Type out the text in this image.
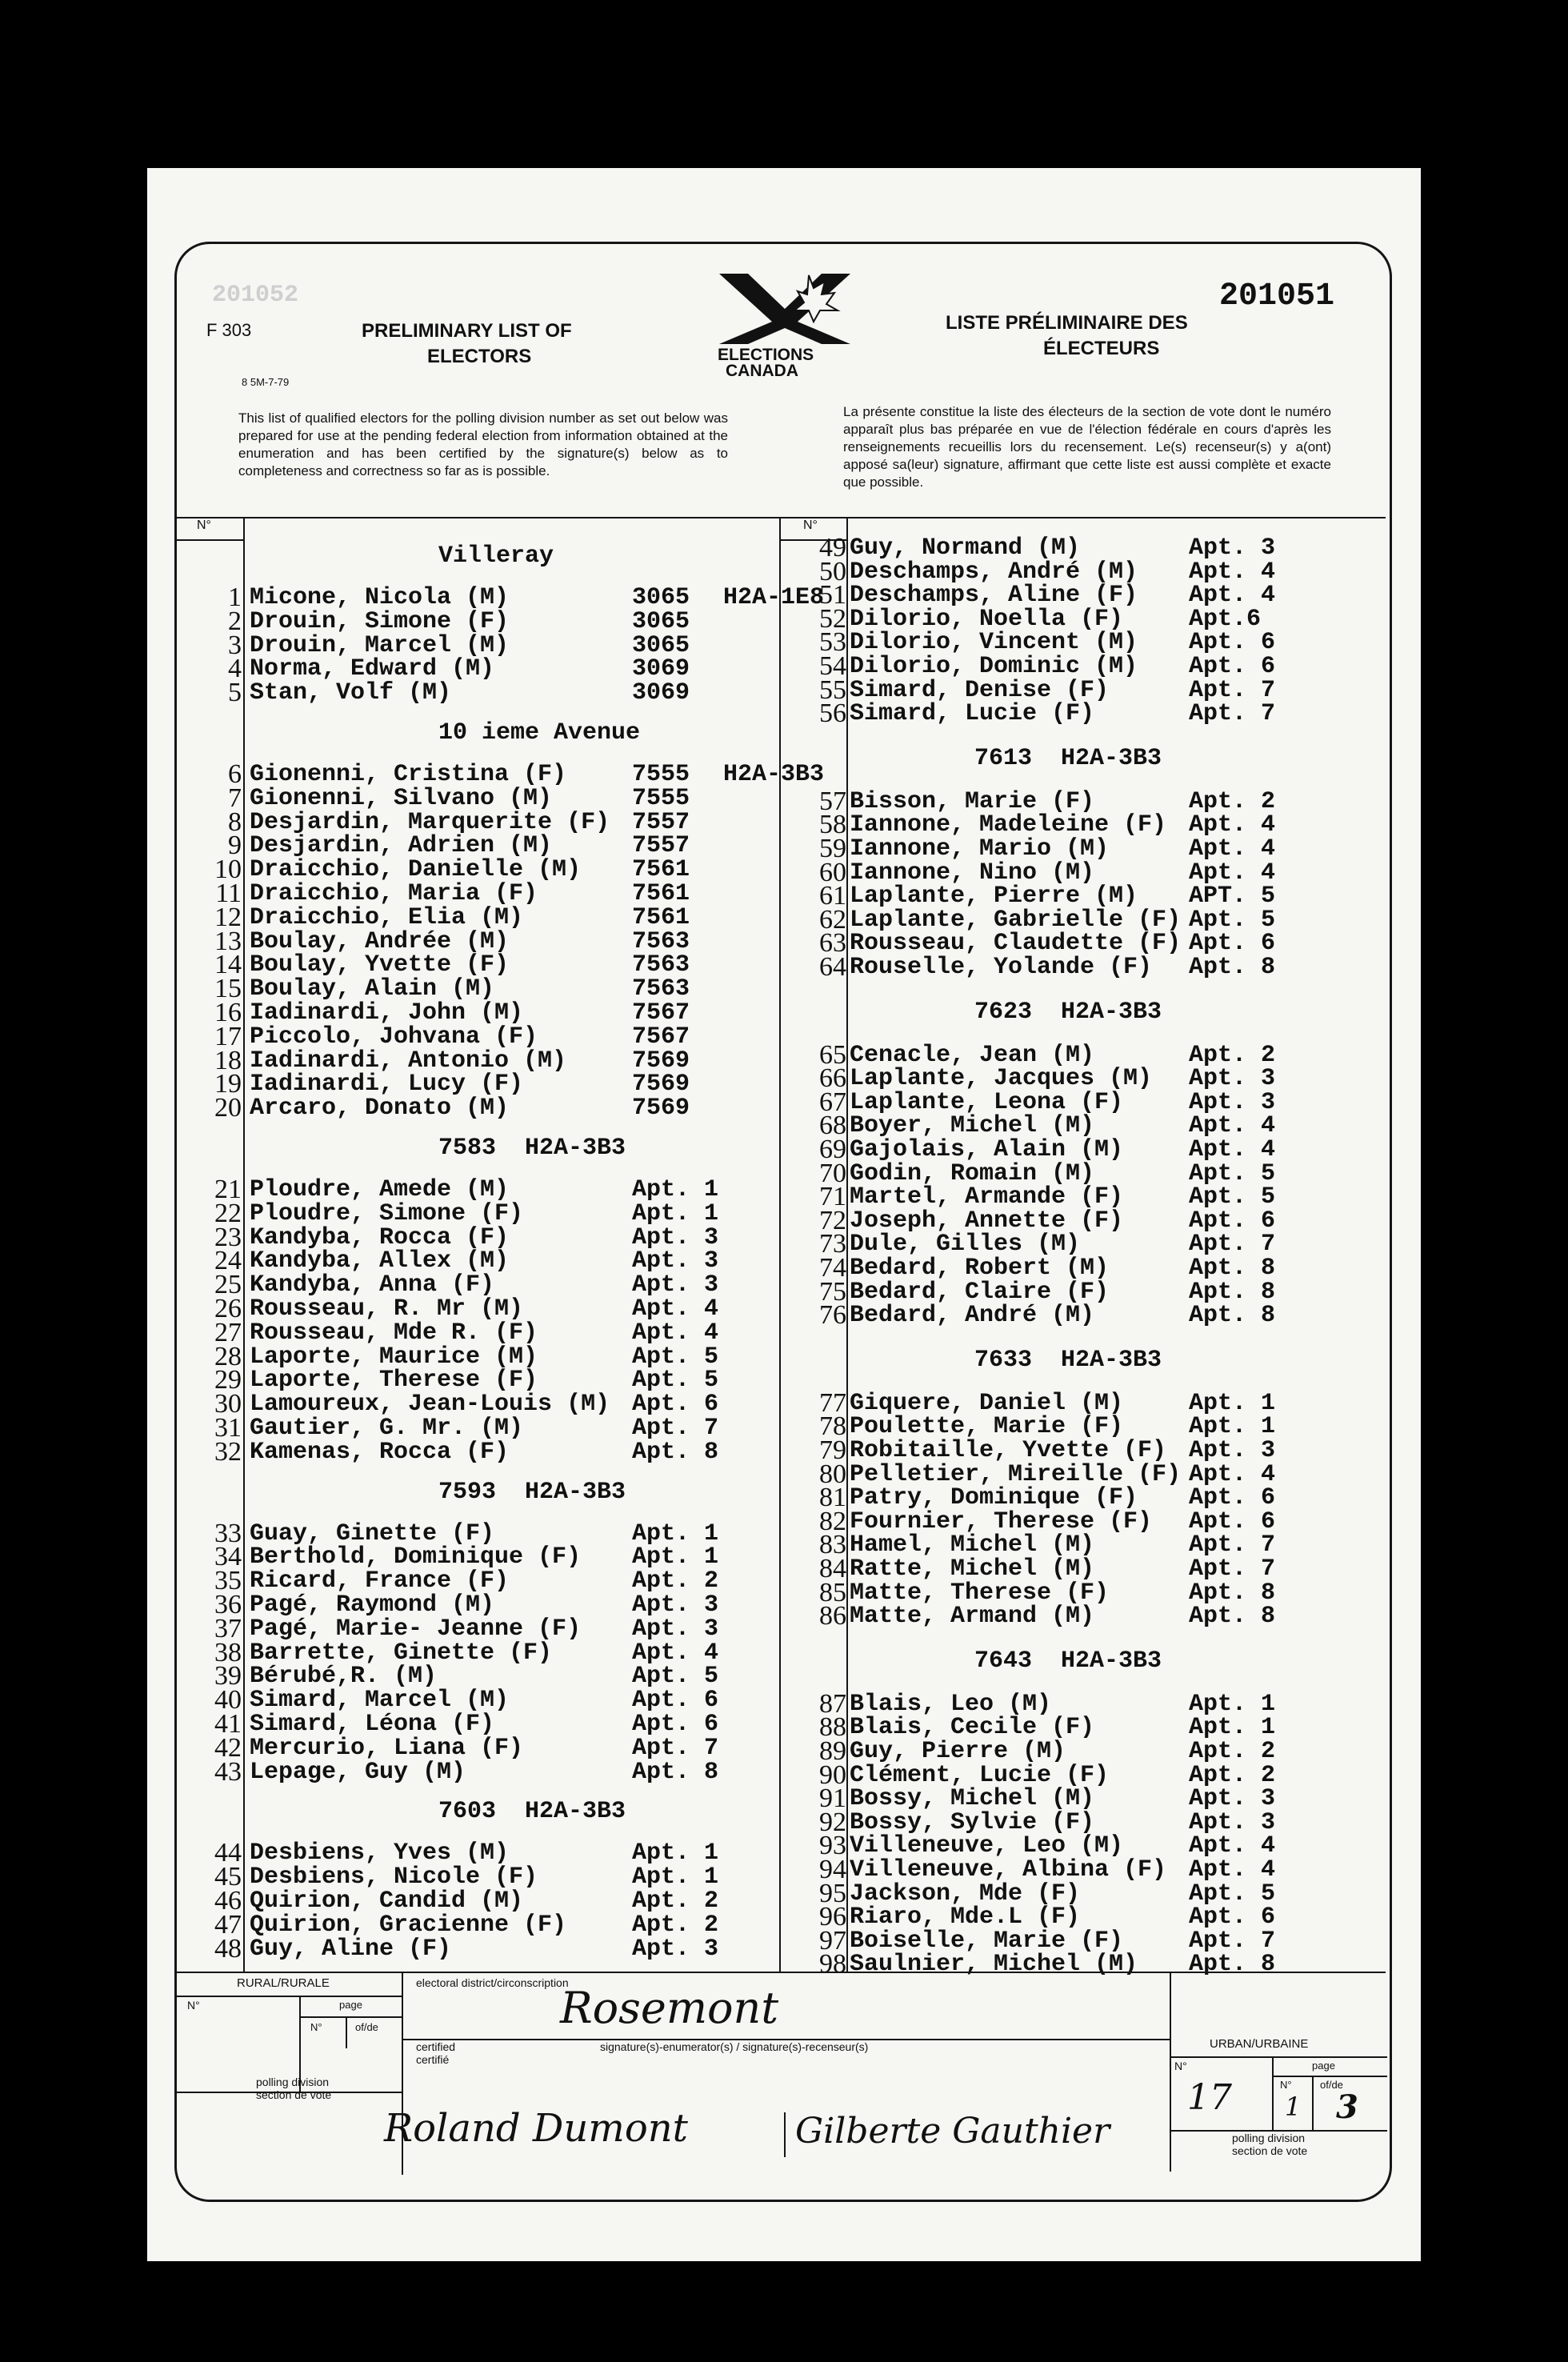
F 303
201052
PRELIMINARY LIST OF
ELECTORS
8 5M-7-79
ELECTIONS
CANADA
201051
LISTE PRÉLIMINAIRE DES
ÉLECTEURS
This list of qualified electors for the polling division number as set out below was prepared for use at the pending federal election from information obtained at the enumeration and has been certified by the signature(s) below as to completeness and correctness so far as is possible.
La présente constitue la liste des électeurs de la section de vote dont le numéro apparaît plus bas préparée en vue de l'élection fédérale en cours d'après les renseignements recueillis lors du recensement. Le(s) recenseur(s) y a(ont) apposé sa(leur) signature, affirmant que cette liste est aussi complète et exacte que possible.
N°	N°
Villeray
1 Micone, Nicola (M)	3065 H2A-1E8
2 Drouin, Simone (F)	3065
3 Drouin, Marcel (M)	3065
4 Norma, Edward (M)	3069
5 Stan, Volf (M)	3069
10 ieme Avenue
6 Gionenni, Cristina (F)	7555 H2A-3B3
7 Gionenni, Silvano (M)	7555
8 Desjardin, Marquerite (F) 7557
9 Desjardin, Adrien (M)	7557
10 Draicchio, Danielle (M) 7561
11 Draicchio, Maria (F)	7561
12 Draicchio, Elia (M)	7561
13 Boulay, Andrée (M)	7563
14 Boulay, Yvette (F)	7563
15 Boulay, Alain (M)	7563
16 Iadinardi, John (M)	7567
17 Piccolo, Johvana (F)	7567
18 Iadinardi, Antonio (M)	7569
19 Iadinardi, Lucy (F)	7569
20 Arcaro, Donato (M)	7569
7583  H2A-3B3
21 Ploudre, Amede (M)	Apt. 1
22 Ploudre, Simone (F)	Apt. 1
23 Kandyba, Rocca (F)	Apt. 3
24 Kandyba, Allex (M)	Apt. 3
25 Kandyba, Anna (F)	Apt. 3
26 Rousseau, R. Mr (M)	Apt. 4
27 Rousseau, Mde R. (F)	Apt. 4
28 Laporte, Maurice (M)	Apt. 5
29 Laporte, Therese (F)	Apt. 5
30 Lamoureux, Jean-Louis (M) Apt. 6
31 Gautier, G. Mr. (M)	Apt. 7
32 Kamenas, Rocca (F)	Apt. 8
7593  H2A-3B3
33 Guay, Ginette (F)	Apt. 1
34 Berthold, Dominique (F) Apt. 1
35 Ricard, France (F)	Apt. 2
36 Pagé, Raymond (M)	Apt. 3
37 Pagé, Marie- Jeanne (F) Apt. 3
38 Barrette, Ginette (F)	Apt. 4
39 Bérubé,R. (M)	Apt. 5
40 Simard, Marcel (M)	Apt. 6
41 Simard, Léona (F)	Apt. 6
42 Mercurio, Liana (F)	Apt. 7
43 Lepage, Guy (M)	Apt. 8
7603  H2A-3B3
44 Desbiens, Yves (M)	Apt. 1
45 Desbiens, Nicole (F)	Apt. 1
46 Quirion, Candid (M)	Apt. 2
47 Quirion, Gracienne (F)	Apt. 2
48 Guy, Aline (F)	Apt. 3
49 Guy, Normand (M)	Apt. 3
50 Deschamps, André (M) Apt. 4
51 Deschamps, Aline (F) Apt. 4
52 Dilorio, Noella (F)	Apt.6
53 Dilorio, Vincent (M) Apt. 6
54 Dilorio, Dominic (M) Apt. 6
55 Simard, Denise (F)	Apt. 7
56 Simard, Lucie (F)	Apt. 7
7613  H2A-3B3
57 Bisson, Marie (F)	Apt. 2
58 Iannone, Madeleine (F) Apt. 4
59 Iannone, Mario (M)	Apt. 4
60 Iannone, Nino (M)	Apt. 4
61 Laplante, Pierre (M) APT. 5
62 Laplante, Gabrielle (F) Apt. 5
63 Rousseau, Claudette (F) Apt. 6
64 Rouselle, Yolande (F) Apt. 8
7623  H2A-3B3
65 Cenacle, Jean (M)	Apt. 2
66 Laplante, Jacques (M) Apt. 3
67 Laplante, Leona (F)	Apt. 3
68 Boyer, Michel (M)	Apt. 4
69 Gajolais, Alain (M)	Apt. 4
70 Godin, Romain (M)	Apt. 5
71 Martel, Armande (F)	Apt. 5
72 Joseph, Annette (F)	Apt. 6
73 Dule, Gilles (M)	Apt. 7
74 Bedard, Robert (M)	Apt. 8
75 Bedard, Claire (F)	Apt. 8
76 Bedard, André (M)	Apt. 8
7633  H2A-3B3
77 Giquere, Daniel (M)	Apt. 1
78 Poulette, Marie (F)	Apt. 1
79 Robitaille, Yvette (F) Apt. 3
80 Pelletier, Mireille (F) Apt. 4
81 Patry, Dominique (F) Apt. 6
82 Fournier, Therese (F) Apt. 6
83 Hamel, Michel (M)	Apt. 7
84 Ratte, Michel (M)	Apt. 7
85 Matte, Therese (F)	Apt. 8
86 Matte, Armand (M)	Apt. 8
7643  H2A-3B3
87 Blais, Leo (M)	Apt. 1
88 Blais, Cecile (F)	Apt. 1
89 Guy, Pierre (M)	Apt. 2
90 Clément, Lucie (F)	Apt. 2
91 Bossy, Michel (M)	Apt. 3
92 Bossy, Sylvie (F)	Apt. 3
93 Villeneuve, Leo (M)	Apt. 4
94 Villeneuve, Albina (F) Apt. 4
95 Jackson, Mde (F)	Apt. 5
96 Riaro, Mde.L (F)	Apt. 6
97 Boiselle, Marie (F)	Apt. 7
98 Saulnier, Michel (M) Apt. 8
RURAL/RURALE
N°	page
N°	of/de
polling division
section de vote
electoral district/circonscription
Rosemont
certified
certifié
signature(s)-enumerator(s) / signature(s)-recenseur(s)
Roland Dumont	Gilberte Gauthier
URBAN/URBAINE
N°
17
page
N°
1
of/de
3
polling division
section de vote
